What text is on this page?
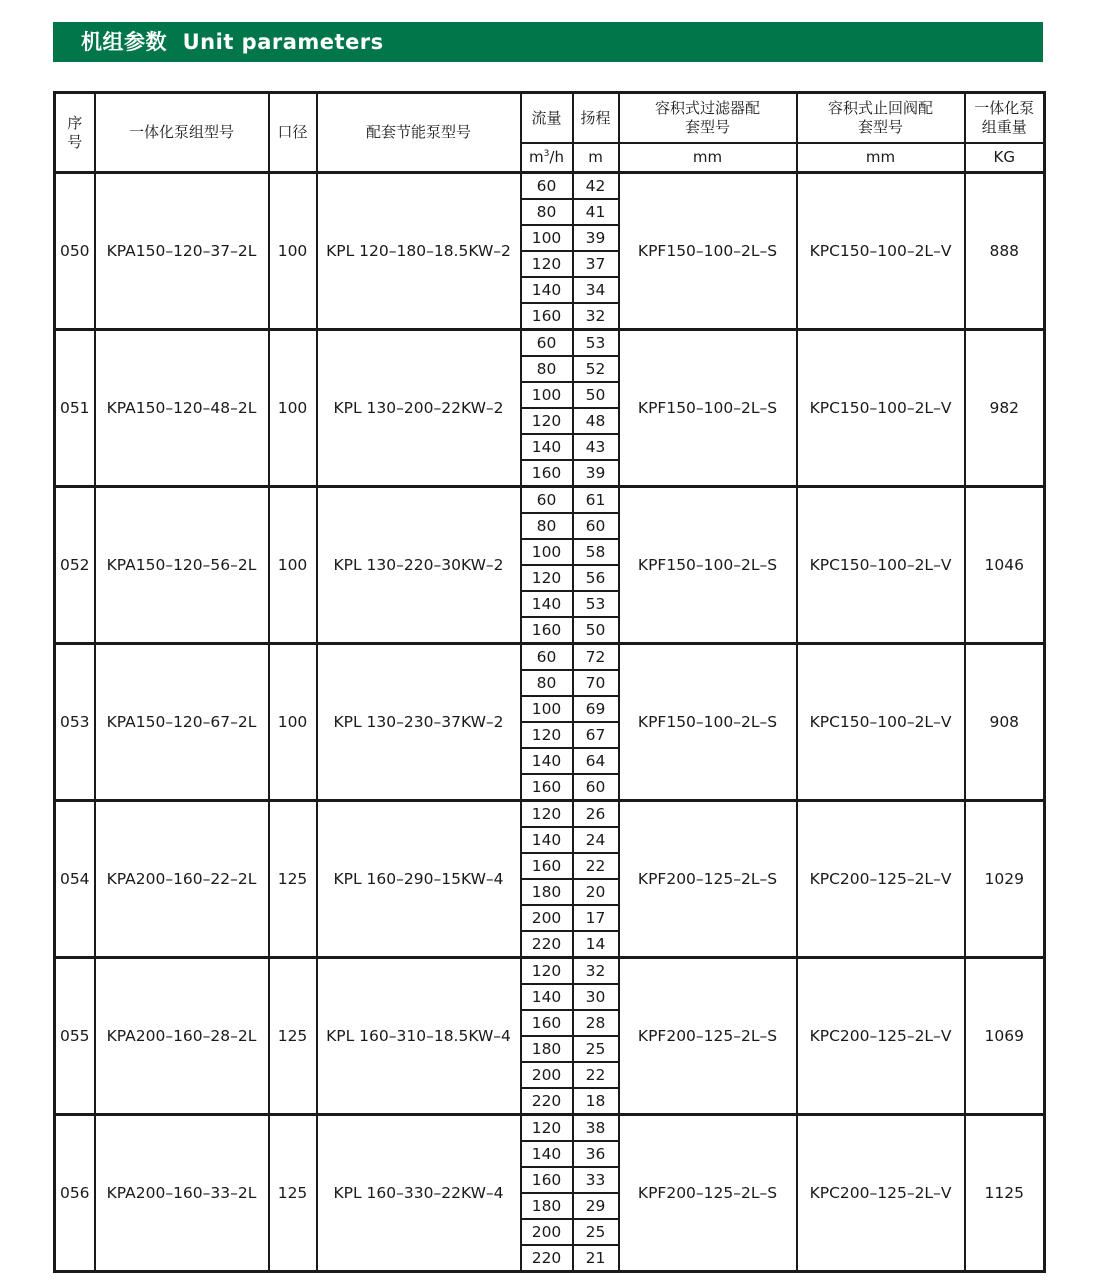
机组参数  Unit parameters
序号	一体化泵组型号	口径	配套节能泵型号	流量	扬程	容积式过滤器配套型号	容积式止回阀配套型号	一体化泵组重量
				$m^3/h$	m	mm	mm	KG
050	KPA150–120–37–2L	100	KPL 120–180–18.5KW–2	60	42	KPF150–100–2L–S	KPC150–100–2L–V	888
				80	41			
				100	39			
				120	37			
				140	34			
				160	32			
051	KPA150–120–48–2L	100	KPL 130–200–22KW–2	60	53	KPF150–100–2L–S	KPC150–100–2L–V	982
				80	52			
				100	50			
				120	48			
				140	43			
				160	39			
052	KPA150–120–56–2L	100	KPL 130–220–30KW–2	60	61	KPF150–100–2L–S	KPC150–100–2L–V	1046
				80	60			
				100	58			
				120	56			
				140	53			
				160	50			
053	KPA150–120–67–2L	100	KPL 130–230–37KW–2	60	72	KPF150–100–2L–S	KPC150–100–2L–V	908
				80	70			
				100	69			
				120	67			
				140	64			
				160	60			
054	KPA200–160–22–2L	125	KPL 160–290–15KW–4	120	26	KPF200–125–2L–S	KPC200–125–2L–V	1029
				140	24			
				160	22			
				180	20			
				200	17			
				220	14			
055	KPA200–160–28–2L	125	KPL 160–310–18.5KW–4	120	32	KPF200–125–2L–S	KPC200–125–2L–V	1069
				140	30			
				160	28			
				180	25			
				200	22			
				220	18			
056	KPA200–160–33–2L	125	KPL 160–330–22KW–4	120	38	KPF200–125–2L–S	KPC200–125–2L–V	1125
				140	36			
				160	33			
				180	29			
				200	25			
				220	21			
